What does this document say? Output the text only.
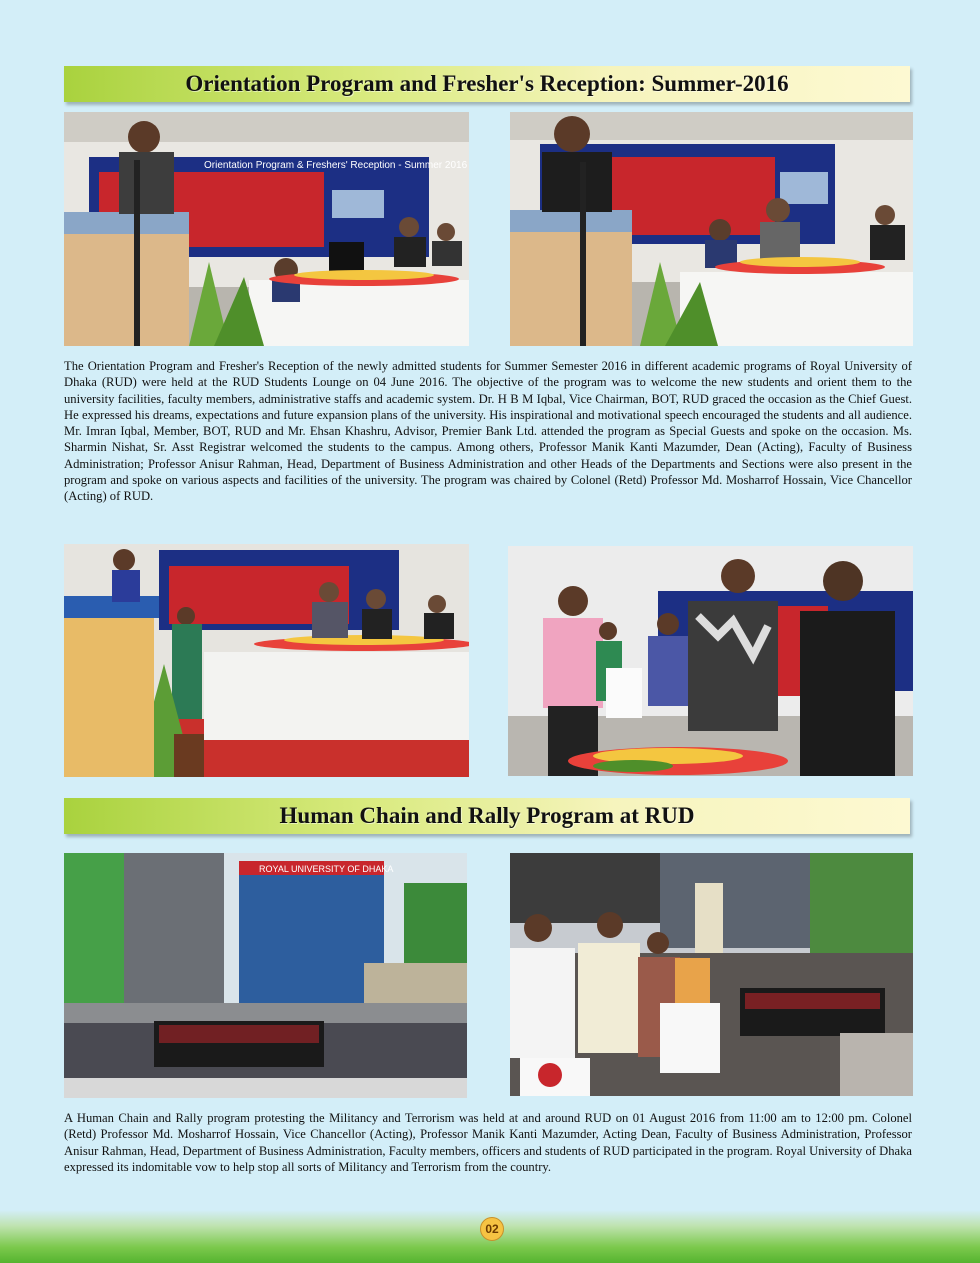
Orientation Program and Fresher's Reception: Summer-2016
Orientation Program & Freshers' Reception - Summer 2016

The Orientation Program and Fresher's Reception of the newly admitted students for Summer Semester 2016 in different academic programs of Royal University of Dhaka (RUD) were held at the RUD Students Lounge on 04 June 2016. The objective of the program was to welcome the new students and orient them to the university facilities, faculty members, administrative staffs and academic system. Dr. H B M Iqbal, Vice Chairman, BOT, RUD graced the occasion as the Chief Guest. He expressed his dreams, expectations and future expansion plans of the university. His inspirational and motivational speech encouraged the students and all audience. Mr. Imran Iqbal, Member, BOT, RUD and Mr. Ehsan Khashru, Advisor, Premier Bank Ltd. attended the program as Special Guests and spoke on the occasion. Ms. Sharmin Nishat, Sr. Asst Registrar welcomed the students to the campus. Among others, Professor Manik Kanti Mazumder, Dean (Acting), Faculty of Business Administration; Professor Anisur Rahman, Head, Department of Business Administration and other Heads of the Departments and Sections were also present in the program and spoke on various aspects and facilities of the university. The program was chaired by Colonel (Retd) Professor Md. Mosharrof Hossain, Vice Chancellor (Acting) of RUD.

Human Chain and Rally Program at RUD
ROYAL UNIVERSITY OF DHAKA

A Human Chain and Rally program protesting the Militancy and Terrorism was held at and around RUD on 01 August 2016 from 11:00 am to 12:00 pm. Colonel (Retd) Professor Md. Mosharrof Hossain, Vice Chancellor (Acting), Professor Manik Kanti Mazumder, Acting Dean, Faculty of Business Administration, Professor Anisur Rahman, Head, Department of Business Administration, Faculty members, officers and students of RUD participated in the program. Royal University of Dhaka expressed its indomitable vow to help stop all sorts of Militancy and Terrorism from the country.

02
